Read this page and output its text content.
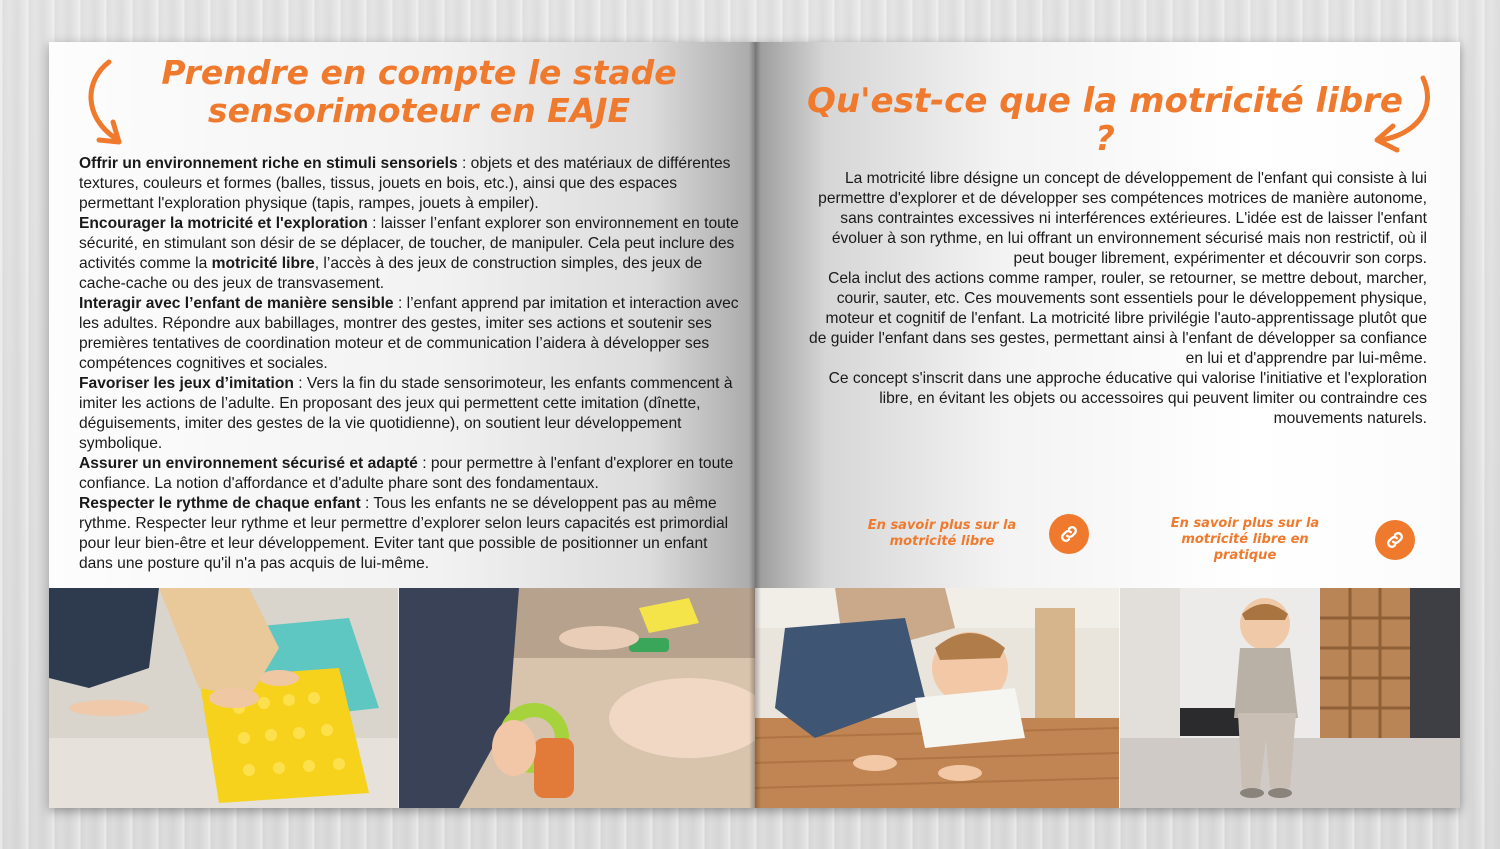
Prendre en compte le stade sensorimoteur en EAJE

Offrir un environnement riche en stimuli sensoriels : objets et des matériaux de différentes textures, couleurs et formes (balles, tissus, jouets en bois, etc.), ainsi que des espaces permettant l'exploration physique (tapis, rampes, jouets à empiler).

Encourager la motricité et l'exploration : laisser l’enfant explorer son environnement en toute sécurité, en stimulant son désir de se déplacer, de toucher, de manipuler. Cela peut inclure des activités comme la motricité libre, l’accès à des jeux de construction simples, des jeux de cache-cache ou des jeux de transvasement.

Interagir avec l’enfant de manière sensible : l’enfant apprend par imitation et interaction avec les adultes. Répondre aux babillages, montrer des gestes, imiter ses actions et soutenir ses premières tentatives de coordination moteur et de communication l’aidera à développer ses compétences cognitives et sociales.

Favoriser les jeux d’imitation : Vers la fin du stade sensorimoteur, les enfants commencent à imiter les actions de l’adulte. En proposant des jeux qui permettent cette imitation (dînette, déguisements, imiter des gestes de la vie quotidienne), on soutient leur développement symbolique.

Assurer un environnement sécurisé et adapté : pour permettre à l'enfant d'explorer en toute confiance. La notion d'affordance et d'adulte phare sont des fondamentaux.

Respecter le rythme de chaque enfant : Tous les enfants ne se développent pas au même rythme. Respecter leur rythme et leur permettre d’explorer selon leurs capacités est primordial pour leur bien-être et leur développement. Eviter tant que possible de positionner un enfant dans une posture qu'il n'a pas acquis de lui-même.

Qu'est-ce que la motricité libre ?

La motricité libre désigne un concept de développement de l'enfant qui consiste à lui permettre d'explorer et de développer ses compétences motrices de manière autonome, sans contraintes excessives ni interférences extérieures. L'idée est de laisser l'enfant évoluer à son rythme, en lui offrant un environnement sécurisé mais non restrictif, où il peut bouger librement, expérimenter et découvrir son corps.

Cela inclut des actions comme ramper, rouler, se retourner, se mettre debout, marcher, courir, sauter, etc. Ces mouvements sont essentiels pour le développement physique, moteur et cognitif de l'enfant. La motricité libre privilégie l'auto-apprentissage plutôt que de guider l'enfant dans ses gestes, permettant ainsi à l'enfant de développer sa confiance en lui et d'apprendre par lui-même.

Ce concept s'inscrit dans une approche éducative qui valorise l'initiative et l'exploration libre, en évitant les objets ou accessoires qui peuvent limiter ou contraindre ces mouvements naturels.

En savoir plus sur la motricité libre
En savoir plus sur la motricité libre en pratique
